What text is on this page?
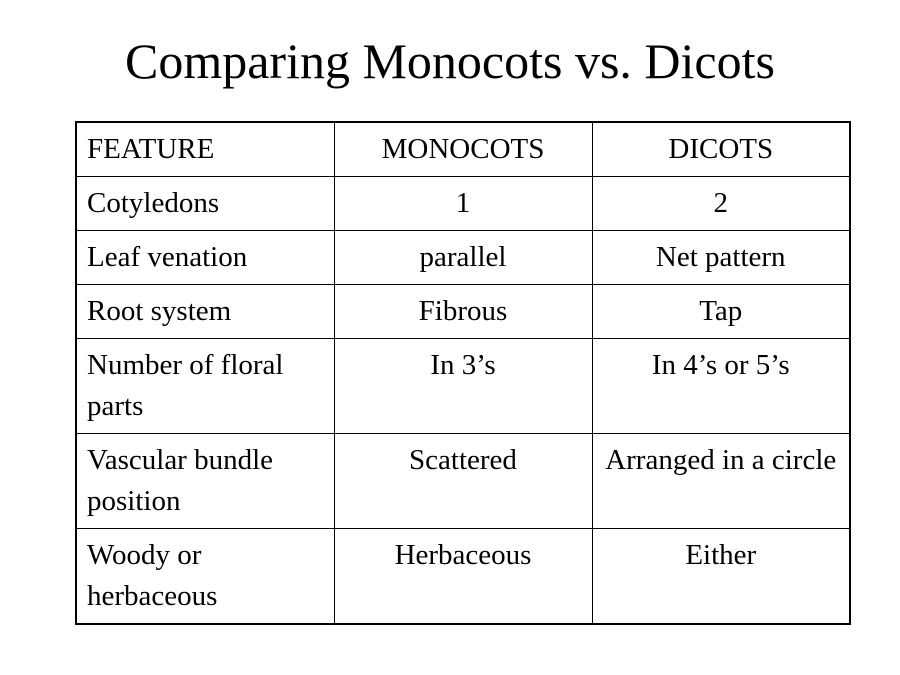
Comparing Monocots vs. Dicots
FEATURE	MONOCOTS	DICOTS
Cotyledons	1	2
Leaf venation	parallel	Net pattern
Root system	Fibrous	Tap
Number of floral parts	In 3’s	In 4’s or 5’s
Vascular bundle position	Scattered	Arranged in a circle
Woody or herbaceous	Herbaceous	Either
